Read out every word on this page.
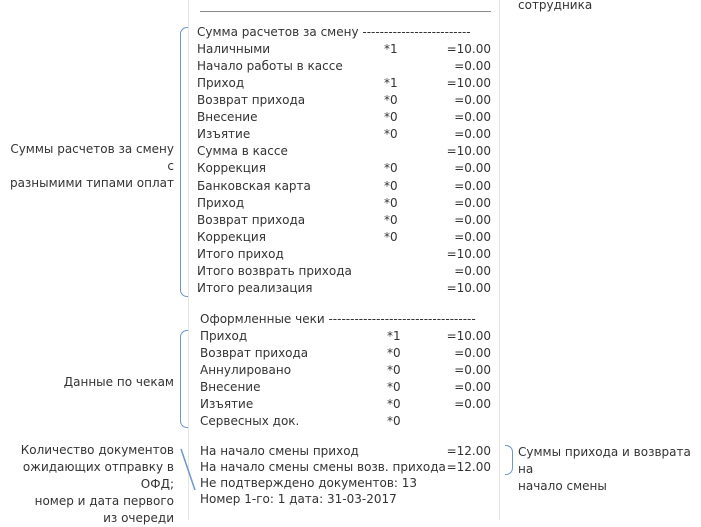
сотрудника
Сумма расчетов за смену -------------------------
Наличными	*1	=10.00
Начало работы в кассе	=0.00
Приход	*1	=10.00
Возврат прихода	*0	=0.00
Внесение	*0	=0.00
Изъятие	*0	=0.00
Сумма в кассе	=10.00
Коррекция	*0	=0.00
Банковская карта	*0	=0.00
Приход	*0	=0.00
Возврат прихода	*0	=0.00
Коррекция	*0	=0.00
Итого приход	=10.00
Итого возврать прихода	=0.00
Итого реализация	=10.00
Оформленные чеки ----------------------------------
Приход	*1	=10.00
Возврат прихода	*0	=0.00
Аннулировано	*0	=0.00
Внесение	*0	=0.00
Изъятие	*0	=0.00
Сервесных док.	*0
На начало смены приход	=12.00
На начало смены смены возв. прихода =12.00
Не подтверждено документов: 13
Номер 1-го: 1 дата: 31-03-2017
Суммы расчетов за смену с
разнымими типами оплат
Данные по чекам
Количество документов
ожидающих отправку в ОФД;
номер и дата первого
из очереди
Суммы прихода и возврата на
начало смены
